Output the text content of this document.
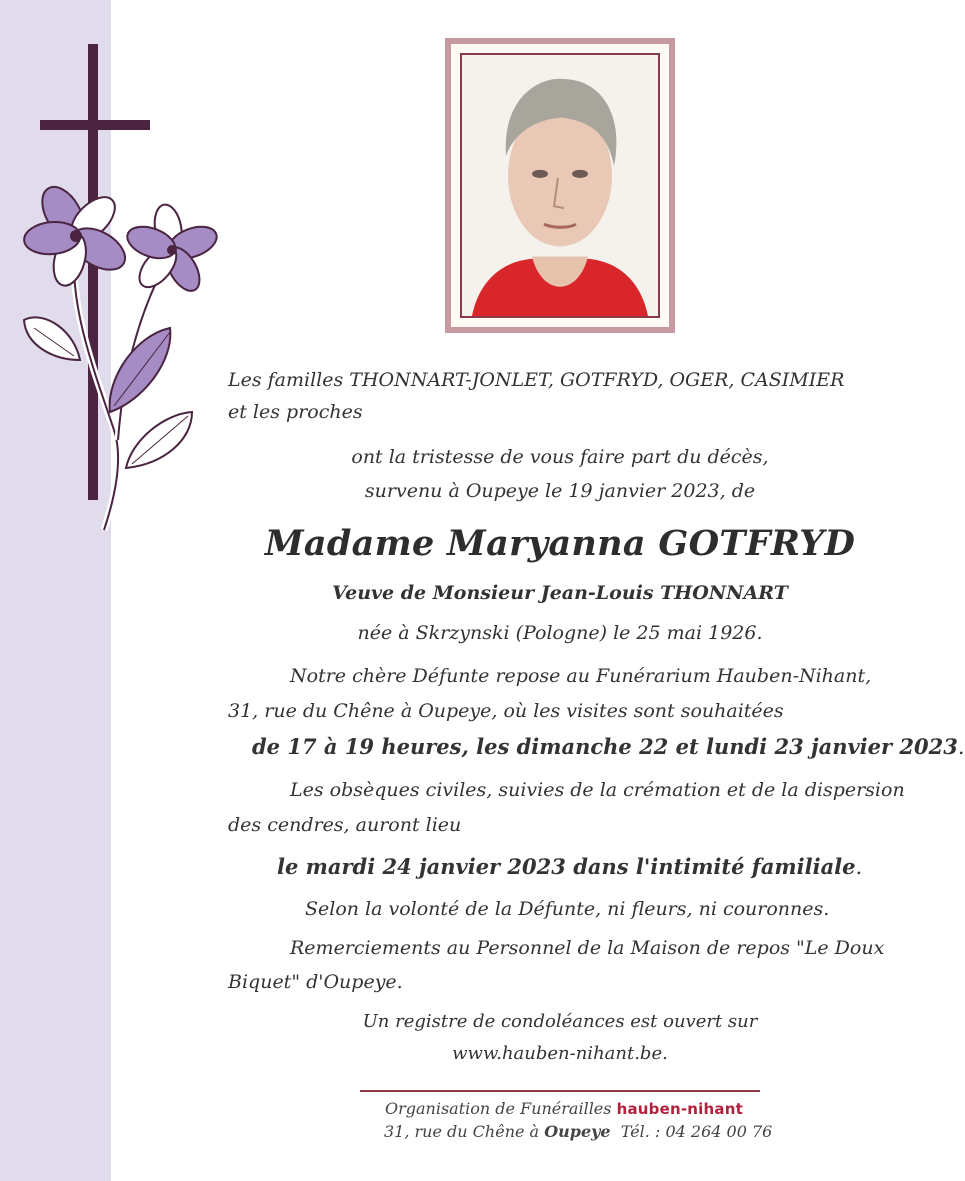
Les familles THONNART-JONLET, GOTFRYD, OGER, CASIMIER

et les proches

ont la tristesse de vous faire part du décès,

survenu à Oupeye le 19 janvier 2023, de

Madame Maryanna GOTFRYD

Veuve de Monsieur Jean-Louis THONNART

née à Skrzynski (Pologne) le 25 mai 1926.

Notre chère Défunte repose au Funérarium Hauben-Nihant,

31, rue du Chêne à Oupeye, où les visites sont souhaitées

de 17 à 19 heures, les dimanche 22 et lundi 23 janvier 2023.

Les obsèques civiles, suivies de la crémation et de la dispersion

des cendres, auront lieu

le mardi 24 janvier 2023 dans l'intimité familiale.

Selon la volonté de la Défunte, ni fleurs, ni couronnes.

Remerciements au Personnel de la Maison de repos "Le Doux

Biquet" d'Oupeye.

Un registre de condoléances est ouvert sur

www.hauben-nihant.be.

Organisation de Funérailles hauben-nihant

31, rue du Chêne à Oupeye Tél. : 04 264 00 76
